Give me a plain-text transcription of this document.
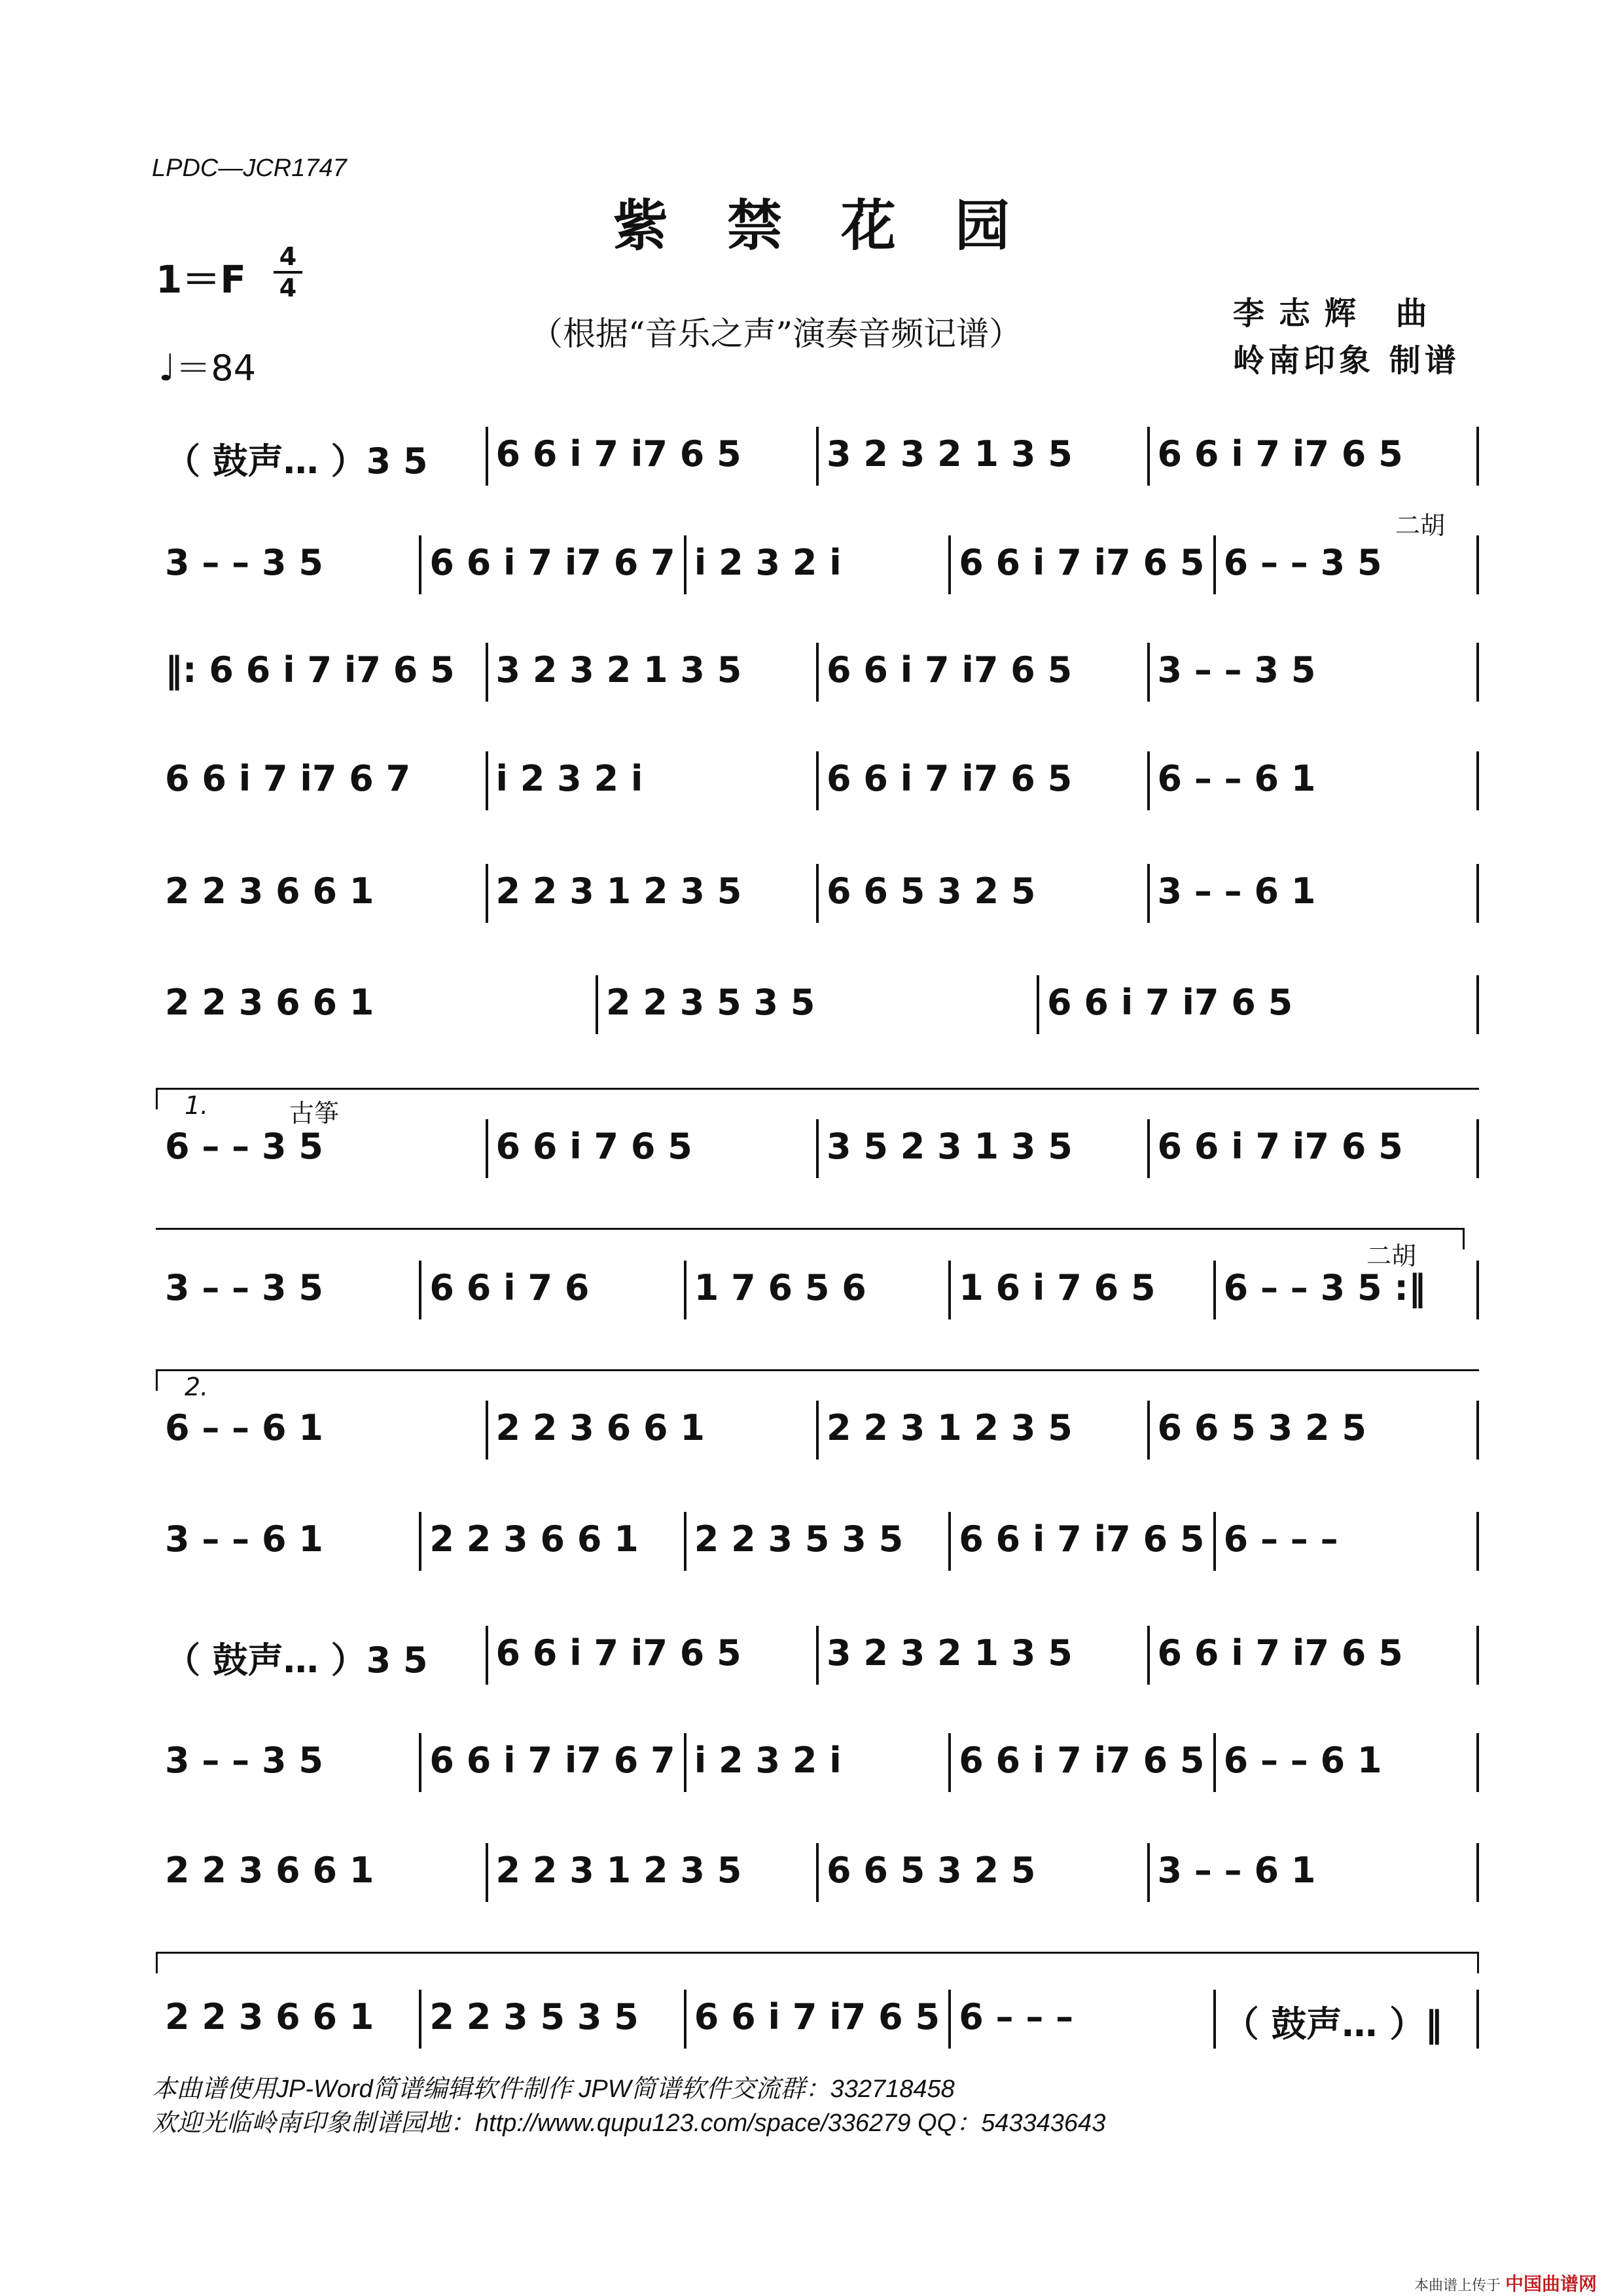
LPDC—JCR1747
紫禁花园
1＝F
4
4
♩＝84
（根据“音乐之声”演奏音频记谱）
李志辉 曲
岭南印象 制谱
（ 鼓声… ）3 5	6 6 i 7 i7 6 5	3 2 3 2 1 3 5	6 6 i 7 i7 6 5
3 – – 3 5	6 6 i 7 i7 6 7 i 2 3 2 i	6 6 i 7 i7 6 5 6 – – 3 5
‖: 6 6 i 7 i7 6 5	3 2 3 2 1 3 5	6 6 i 7 i7 6 5	3 – – 3 5
6 6 i 7 i7 6 7	i 2 3 2 i	6 6 i 7 i7 6 5	6 – – 6 1
2 2 3 6 6 1	2 2 3 1 2 3 5	6 6 5 3 2 5	3 – – 6 1
2 2 3 6 6 1	2 2 3 5 3 5	6 6 i 7 i7 6 5
6 – – 3 5	6 6 i 7 6 5	3 5 2 3 1 3 5	6 6 i 7 i7 6 5
3 – – 3 5	6 6 i 7 6	1 7 6 5 6	1 6 i 7 6 5	6 – – 3 5 :‖
6 – – 6 1	2 2 3 6 6 1	2 2 3 1 2 3 5	6 6 5 3 2 5
3 – – 6 1	2 2 3 6 6 1	2 2 3 5 3 5	6 6 i 7 i7 6 5 6 – – –
（ 鼓声… ）3 5	6 6 i 7 i7 6 5	3 2 3 2 1 3 5	6 6 i 7 i7 6 5
3 – – 3 5	6 6 i 7 i7 6 7 i 2 3 2 i	6 6 i 7 i7 6 5 6 – – 6 1
2 2 3 6 6 1	2 2 3 1 2 3 5	6 6 5 3 2 5	3 – – 6 1
2 2 3 6 6 1	2 2 3 5 3 5	6 6 i 7 i7 6 5 6 – – –	（ 鼓声… ）‖
二胡
1.	古筝
二胡
2.
本曲谱使用JP-Word简谱编辑软件制作 JPW简谱软件交流群：332718458
欢迎光临岭南印象制谱园地：http://www.qupu123.com/space/336279 QQ：543343643
本曲谱上传于 中国曲谱网
